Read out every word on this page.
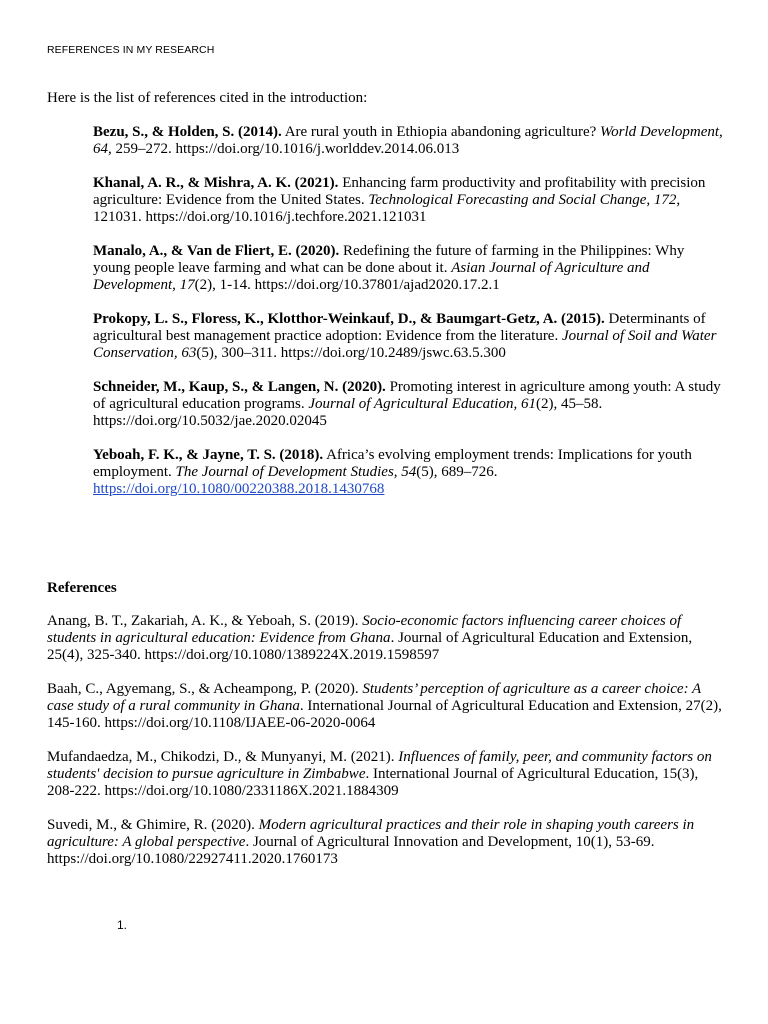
REFERENCES IN MY RESEARCH
Here is the list of references cited in the introduction:

Bezu, S., & Holden, S. (2014). Are rural youth in Ethiopia abandoning agriculture? World Development, 64, 259–272. https://doi.org/10.1016/j.worlddev.2014.06.013

Khanal, A. R., & Mishra, A. K. (2021). Enhancing farm productivity and profitability with precision agriculture: Evidence from the United States. Technological Forecasting and Social Change, 172, 121031. https://doi.org/10.1016/j.techfore.2021.121031

Manalo, A., & Van de Fliert, E. (2020). Redefining the future of farming in the Philippines: Why young people leave farming and what can be done about it. Asian Journal of Agriculture and Development, 17(2), 1-14. https://doi.org/10.37801/ajad2020.17.2.1

Prokopy, L. S., Floress, K., Klotthor-Weinkauf, D., & Baumgart-Getz, A. (2015). Determinants of agricultural best management practice adoption: Evidence from the literature. Journal of Soil and Water Conservation, 63(5), 300–311. https://doi.org/10.2489/jswc.63.5.300

Schneider, M., Kaup, S., & Langen, N. (2020). Promoting interest in agriculture among youth: A study of agricultural education programs. Journal of Agricultural Education, 61(2), 45–58. https://doi.org/10.5032/jae.2020.02045

Yeboah, F. K., & Jayne, T. S. (2018). Africa’s evolving employment trends: Implications for youth employment. The Journal of Development Studies, 54(5), 689–726. https://doi.org/10.1080/00220388.2018.1430768

References

Anang, B. T., Zakariah, A. K., & Yeboah, S. (2019). Socio-economic factors influencing career choices of students in agricultural education: Evidence from Ghana. Journal of Agricultural Education and Extension, 25(4), 325-340. https://doi.org/10.1080/1389224X.2019.1598597

Baah, C., Agyemang, S., & Acheampong, P. (2020). Students’ perception of agriculture as a career choice: A case study of a rural community in Ghana. International Journal of Agricultural Education and Extension, 27(2), 145-160. https://doi.org/10.1108/IJAEE-06-2020-0064

Mufandaedza, M., Chikodzi, D., & Munyanyi, M. (2021). Influences of family, peer, and community factors on students' decision to pursue agriculture in Zimbabwe. International Journal of Agricultural Education, 15(3), 208-222. https://doi.org/10.1080/2331186X.2021.1884309

Suvedi, M., & Ghimire, R. (2020). Modern agricultural practices and their role in shaping youth careers in agriculture: A global perspective. Journal of Agricultural Innovation and Development, 10(1), 53-69. https://doi.org/10.1080/22927411.2020.1760173

1.
